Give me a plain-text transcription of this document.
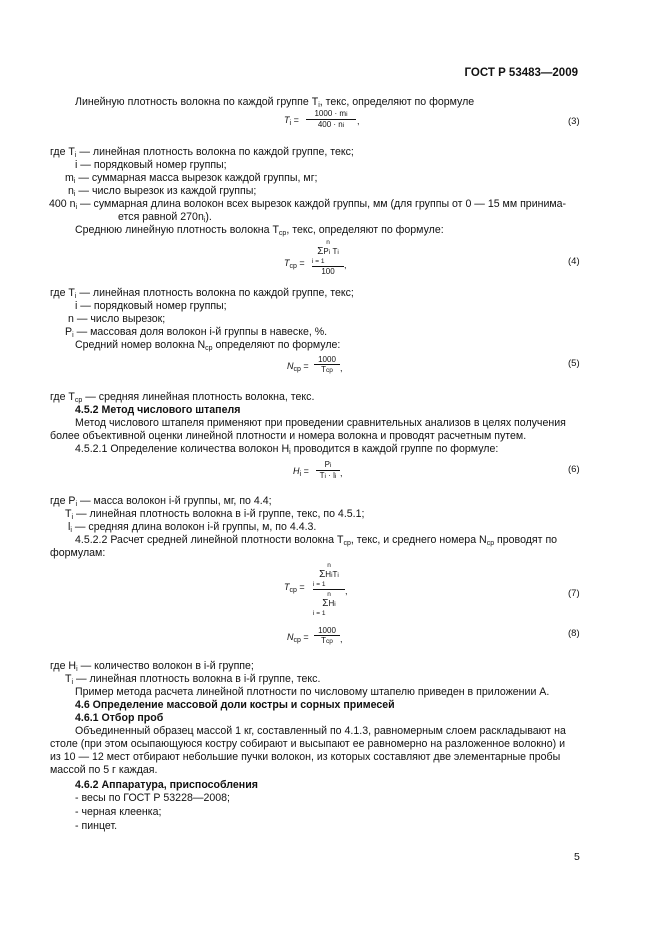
ГОСТ Р 53483—2009
Линейную плотность волокна по каждой группе Ti, текс, определяют по формуле
где Ti — линейная плотность волокна по каждой группе, текс;
i — порядковый номер группы;
mi — суммарная масса вырезок каждой группы, мг;
ni — число вырезок из каждой группы;
400 ni — суммарная длина волокон всех вырезок каждой группы, мм (для группы от 0 — 15 мм принима-
ется равной 270ni).
Среднюю линейную плотность волокна Tср, текс, определяют по формуле:
где Ti — линейная плотность волокна по каждой группе, текс;
i — порядковый номер группы;
n — число вырезок;
Pi — массовая доля волокон i-й группы в навеске, %.
Средний номер волокна Nср определяют по формуле:
где Tср — средняя линейная плотность волокна, текс.
4.5.2 Метод числового штапеля
Метод числового штапеля применяют при проведении сравнительных анализов в целях получения
более объективной оценки линейной плотности и номера волокна и проводят расчетным путем.
4.5.2.1 Определение количества волокон Hi проводится в каждой группе по формуле:
где Pi — масса волокон i-й группы, мг, по 4.4;
Ti — линейная плотность волокна в i-й группе, текс, по 4.5.1;
li — средняя длина волокон i-й группы, м, по 4.4.3.
4.5.2.2 Расчет средней линейной плотности волокна Tср, текс, и среднего номера Nср проводят по
формулам:
где Hi — количество волокон в i-й группе;
Ti — линейная плотность волокна в i-й группе, текс.
Пример метода расчета линейной плотности по числовому штапелю приведен в приложении А.
4.6 Определение массовой доли костры и сорных примесей
4.6.1 Отбор проб
Объединенный образец массой 1 кг, составленный по 4.1.3, равномерным слоем раскладывают на
столе (при этом осыпающуюся костру собирают и высыпают ее равномерно на разложенное волокно) и
из 10 — 12 мест отбирают небольшие пучки волокон, из которых составляют две элементарные пробы
массой по 5 г каждая.
4.6.2 Аппаратура, приспособления
- весы по ГОСТ Р 53228—2008;
- черная клеенка;
- пинцет.
$T_i = \frac{1000 \cdot mi}{400 \cdot ni}$ ,	(3)
$T_{ср}$ =
n
ΣPi Ti
i = 1
100
,	(4)
$N_{ср}$ =
1000
Tср ,	(5)
$H_i = \frac{Pi}{Ti \cdot li}$ ,	(6)
$T_{ср}$ =
n
ΣHiTi
i = 1
n
ΣHi
i = 1
,	(7)
$N_{ср}$ =
1000
Tср ,	(8)
5
